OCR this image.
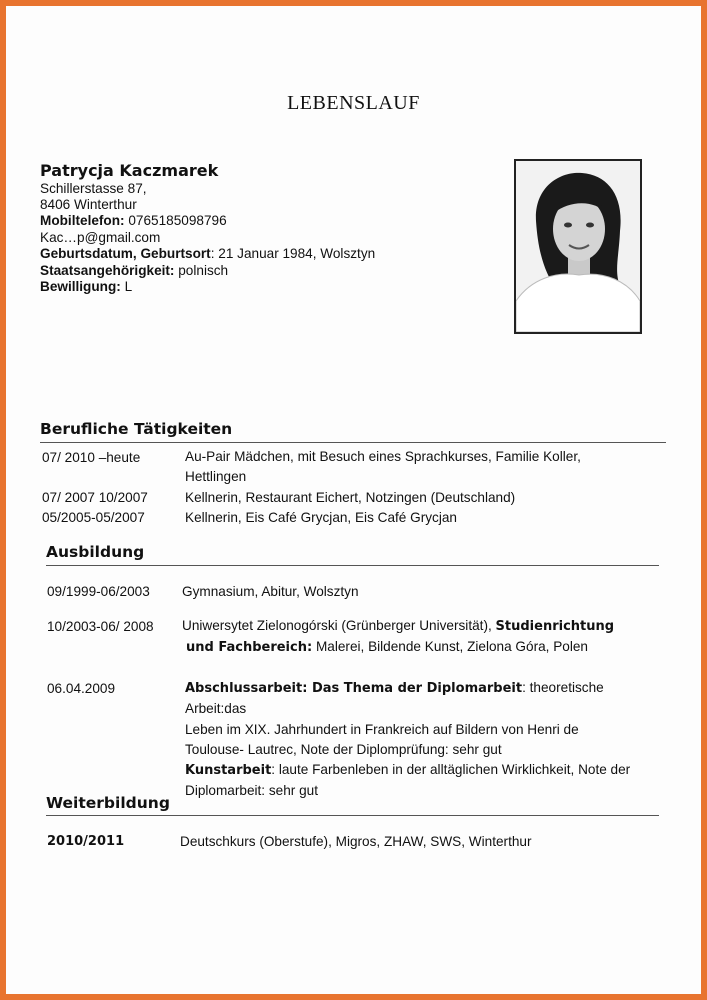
LEBENSLAUF
Patrycja Kaczmarek
Schillerstasse 87,
8406 Winterthur
Mobiltelefon: 0765185098796
Kac…p@gmail.com
Geburtsdatum, Geburtsort: 21 Januar 1984, Wolsztyn
Staatsangehörigkeit: polnisch
Bewilligung: L
Berufliche Tätigkeiten
07/ 2010 –heute	Au-Pair Mädchen, mit Besuch eines Sprachkurses, Familie Koller,
Hettlingen
07/ 2007 10/2007	Kellnerin, Restaurant Eichert, Notzingen (Deutschland)
05/2005-05/2007	Kellnerin, Eis Café Grycjan, Eis Café Grycjan
Ausbildung
09/1999-06/2003 Gymnasium, Abitur, Wolsztyn
10/2003-06/ 2008 Uniwersytet Zielonogórski (Grünberger Universität), Studienrichtung
und Fachbereich: Malerei, Bildende Kunst, Zielona Góra, Polen
06.04.2009	Abschlussarbeit: Das Thema der Diplomarbeit: theoretische Arbeit:das
Leben im XIX. Jahrhundert in Frankreich auf Bildern von Henri de
Toulouse- Lautrec, Note der Diplomprüfung: sehr gut
Kunstarbeit: laute Farbenleben in der alltäglichen Wirklichkeit, Note der
Diplomarbeit: sehr gut
Weiterbildung
2010/2011	Deutschkurs (Oberstufe), Migros, ZHAW, SWS, Winterthur
